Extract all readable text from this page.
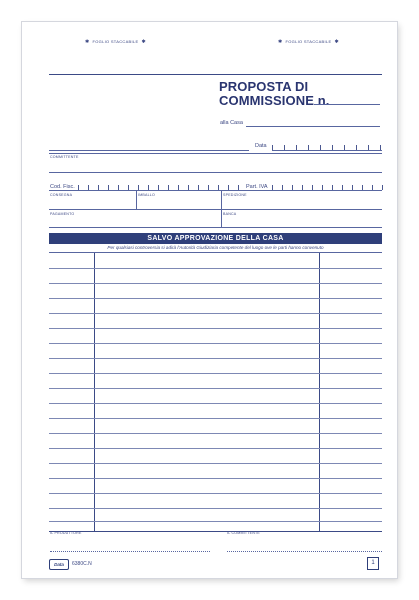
✱ FOGLIO STACCABILE ✱	✱ FOGLIO STACCABILE ✱
PROPOSTA DI
COMMISSIONE n.
alla Casa
Data
COMMITTENTE
Cod. Fisc.	Part. IVA
CONSEGNA	IMBALLO	SPEDIZIONE
PAGAMENTO	BANCA
SALVO APPROVAZIONE DELLA CASA
Per qualsiasi controversia si adirà l'Autorità Giudiziaria competente del luogo ove le parti hanno convenuto
IL PRODUTTORE	IL COMMITTENTE
Data	6380C.N	1
